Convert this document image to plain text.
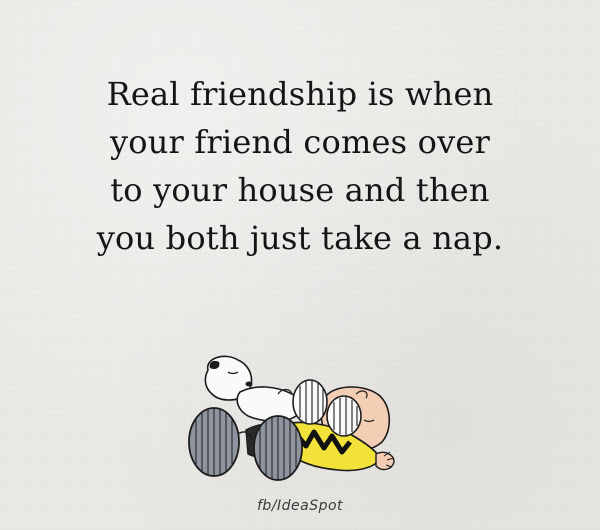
Real friendship is when
your friend comes over
to your house and then
you both just take a nap.
fb/IdeaSpot
